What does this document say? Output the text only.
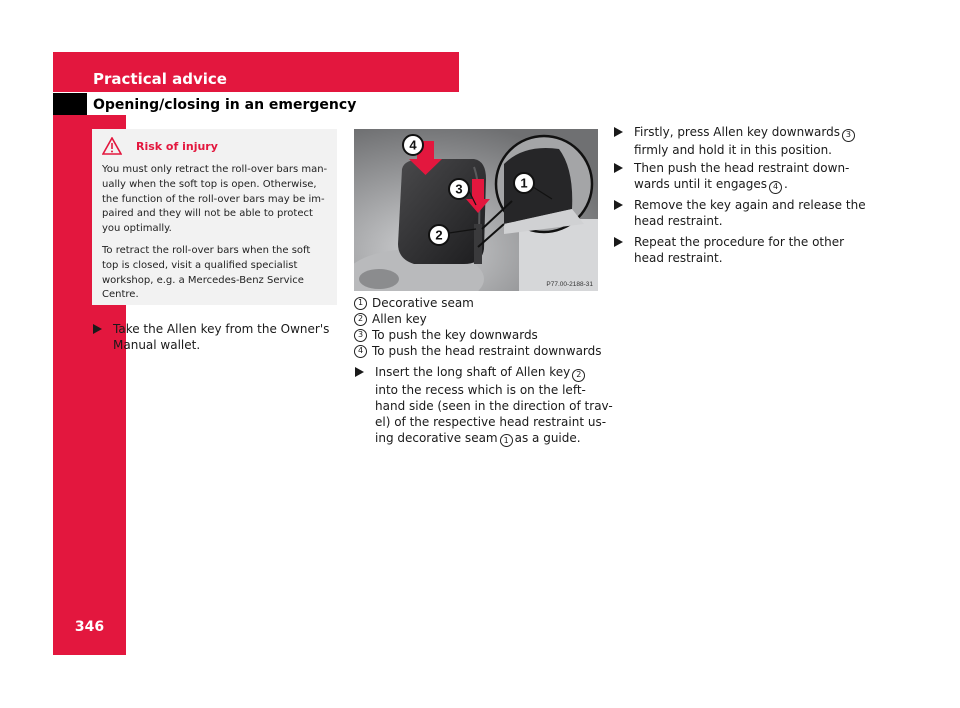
Practical advice
Opening/closing in an emergency
346
Risk of injury

You must only retract the roll-over bars man-
ually when the soft top is open. Otherwise,
the function of the roll-over bars may be im-
paired and they will not be able to protect
you optimally.

To retract the roll-over bars when the soft
top is closed, visit a qualified specialist
workshop, e.g. a Mercedes-Benz Service
Centre.

Take the Allen key from the Owner's
Manual wallet.
4
3
2
1
P77.00-2188-31
1 Decorative seam
2 Allen key
3 To push the key downwards
4 To push the head restraint downwards
Insert the long shaft of Allen key 2
into the recess which is on the left-
hand side (seen in the direction of trav-
el) of the respective head restraint us-
ing decorative seam 1 as a guide.
Firstly, press Allen key downwards 3
firmly and hold it in this position.
Then push the head restraint down-
wards until it engages 4 .
Remove the key again and release the
head restraint.
Repeat the procedure for the other
head restraint.
